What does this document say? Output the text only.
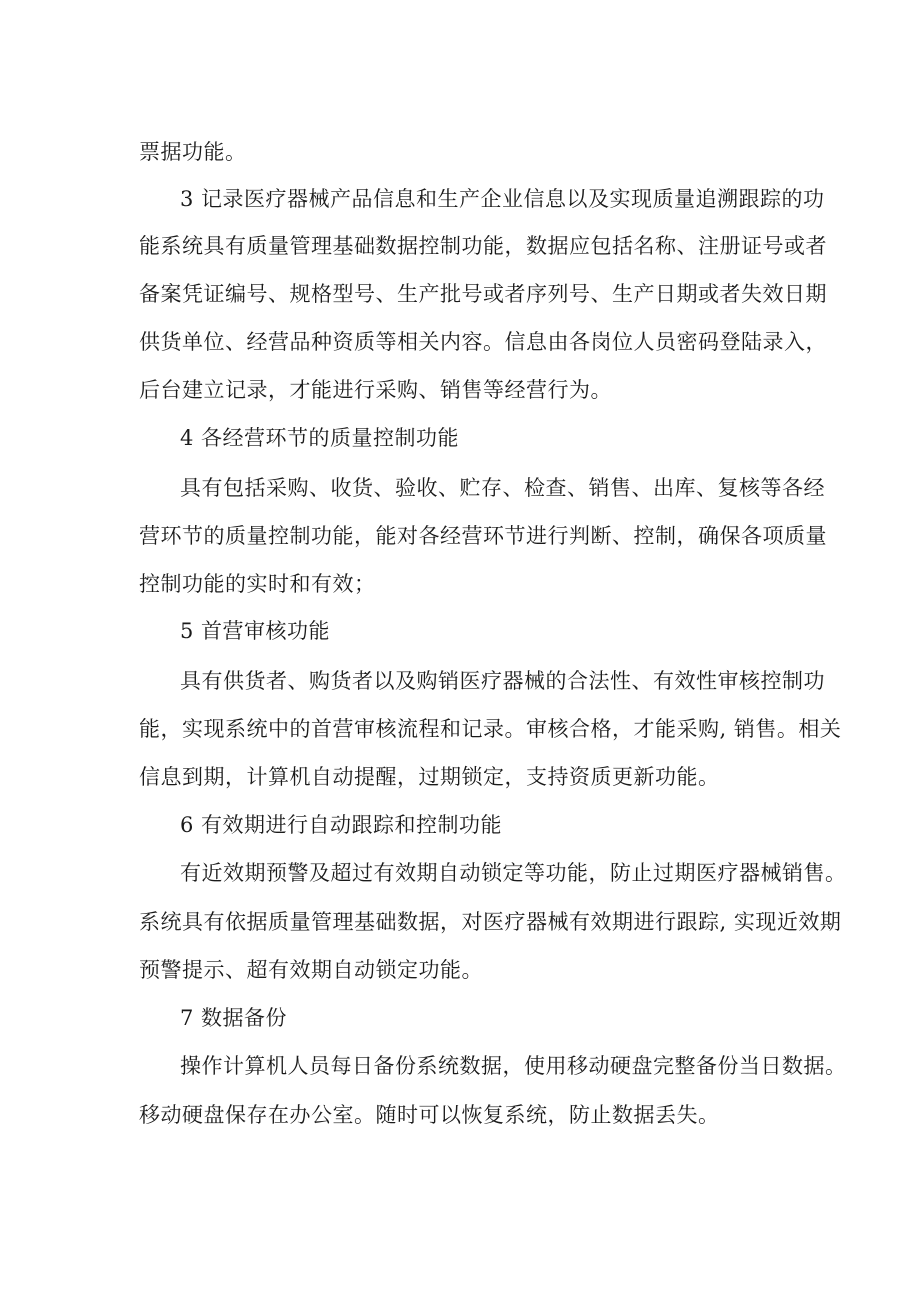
票据功能。
3 记录医疗器械产品信息和生产企业信息以及实现质量追溯跟踪的功
能系统具有质量管理基础数据控制功能，数据应包括名称、注册证号或者
备案凭证编号、规格型号、生产批号或者序列号、生产日期或者失效日期
供货单位、经营品种资质等相关内容。信息由各岗位人员密码登陆录入，
后台建立记录，才能进行采购、销售等经营行为。
4 各经营环节的质量控制功能
具有包括采购、收货、验收、贮存、检查、销售、出库、复核等各经
营环节的质量控制功能，能对各经营环节进行判断、控制，确保各项质量
控制功能的实时和有效；
5 首营审核功能
具有供货者、购货者以及购销医疗器械的合法性、有效性审核控制功
能，实现系统中的首营审核流程和记录。审核合格，才能采购, 销售。相关
信息到期，计算机自动提醒，过期锁定，支持资质更新功能。
6 有效期进行自动跟踪和控制功能
有近效期预警及超过有效期自动锁定等功能，防止过期医疗器械销售。
系统具有依据质量管理基础数据，对医疗器械有效期进行跟踪, 实现近效期
预警提示、超有效期自动锁定功能。
7 数据备份
操作计算机人员每日备份系统数据，使用移动硬盘完整备份当日数据。
移动硬盘保存在办公室。随时可以恢复系统，防止数据丢失。
